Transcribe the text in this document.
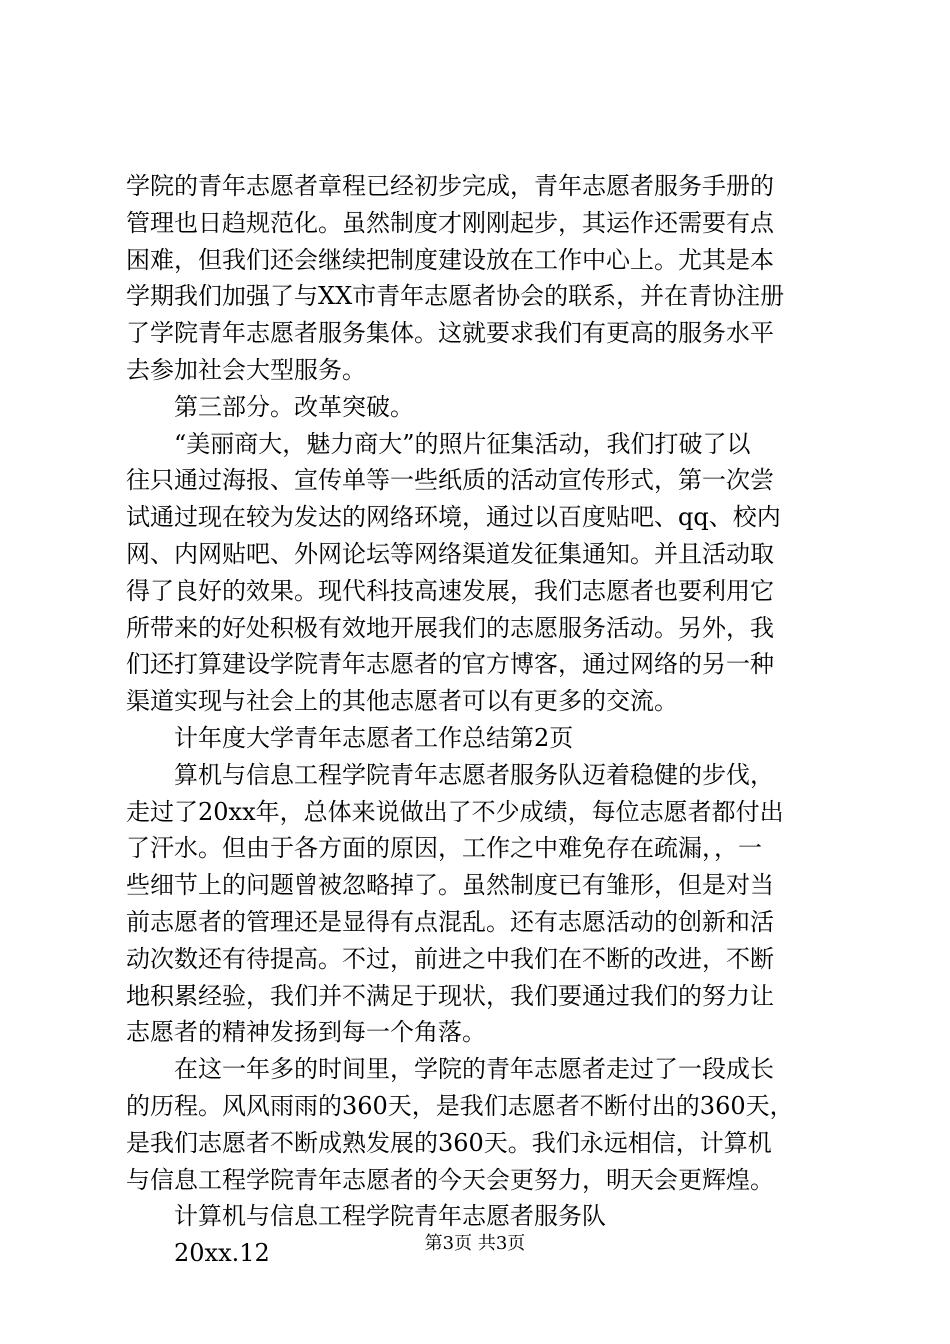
学院的青年志愿者章程已经初步完成，青年志愿者服务手册的
管理也日趋规范化。虽然制度才刚刚起步，其运作还需要有点
困难，但我们还会继续把制度建设放在工作中心上。尤其是本
学期我们加强了与XX市青年志愿者协会的联系，并在青协注册
了学院青年志愿者服务集体。这就要求我们有更高的服务水平
去参加社会大型服务。
　　第三部分。改革突破。
　　“美丽商大，魅力商大”的照片征集活动，我们打破了以
往只通过海报、宣传单等一些纸质的活动宣传形式，第一次尝
试通过现在较为发达的网络环境，通过以百度贴吧、qq、校内
网、内网贴吧、外网论坛等网络渠道发征集通知。并且活动取
得了良好的效果。现代科技高速发展，我们志愿者也要利用它
所带来的好处积极有效地开展我们的志愿服务活动。另外，我
们还打算建设学院青年志愿者的官方博客，通过网络的另一种
渠道实现与社会上的其他志愿者可以有更多的交流。
　　计年度大学青年志愿者工作总结第2页
　　算机与信息工程学院青年志愿者服务队迈着稳健的步伐，
走过了20xx年，总体来说做出了不少成绩，每位志愿者都付出
了汗水。但由于各方面的原因，工作之中难免存在疏漏，，一
些细节上的问题曾被忽略掉了。虽然制度已有雏形，但是对当
前志愿者的管理还是显得有点混乱。还有志愿活动的创新和活
动次数还有待提高。不过，前进之中我们在不断的改进，不断
地积累经验，我们并不满足于现状，我们要通过我们的努力让
志愿者的精神发扬到每一个角落。
　　在这一年多的时间里，学院的青年志愿者走过了一段成长
的历程。风风雨雨的360天，是我们志愿者不断付出的360天，
是我们志愿者不断成熟发展的360天。我们永远相信，计算机
与信息工程学院青年志愿者的今天会更努力，明天会更辉煌。
　　计算机与信息工程学院青年志愿者服务队
　　20xx.12	第3页 共3页
